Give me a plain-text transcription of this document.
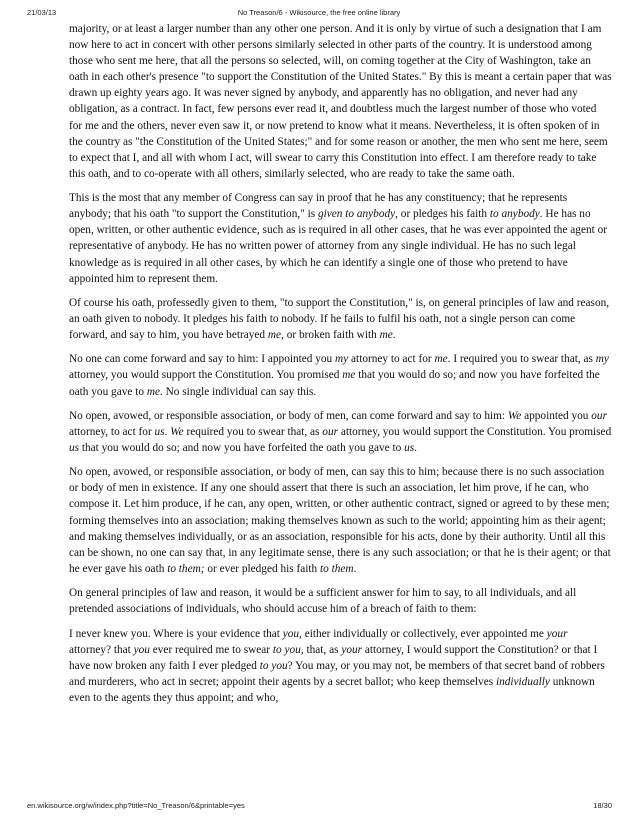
21/03/13	No Treason/6 - Wikisource, the free online library

majority, or at least a larger number than any other one person. And it is only by virtue of such a designation that I am now here to act in concert with other persons similarly selected in other parts of the country. It is understood among those who sent me here, that all the persons so selected, will, on coming together at the City of Washington, take an oath in each other's presence "to support the Constitution of the United States." By this is meant a certain paper that was drawn up eighty years ago. It was never signed by anybody, and apparently has no obligation, and never had any obligation, as a contract. In fact, few persons ever read it, and doubtless much the largest number of those who voted for me and the others, never even saw it, or now pretend to know what it means. Nevertheless, it is often spoken of in the country as "the Constitution of the United States;" and for some reason or another, the men who sent me here, seem to expect that I, and all with whom I act, will swear to carry this Constitution into effect. I am therefore ready to take this oath, and to co-operate with all others, similarly selected, who are ready to take the same oath.

This is the most that any member of Congress can say in proof that he has any constituency; that he represents anybody; that his oath "to support the Constitution," is given to anybody, or pledges his faith to anybody. He has no open, written, or other authentic evidence, such as is required in all other cases, that he was ever appointed the agent or representative of anybody. He has no written power of attorney from any single individual. He has no such legal knowledge as is required in all other cases, by which he can identify a single one of those who pretend to have appointed him to represent them.

Of course his oath, professedly given to them, "to support the Constitution," is, on general principles of law and reason, an oath given to nobody. It pledges his faith to nobody. If he fails to fulfil his oath, not a single person can come forward, and say to him, you have betrayed me, or broken faith with me.

No one can come forward and say to him: I appointed you my attorney to act for me. I required you to swear that, as my attorney, you would support the Constitution. You promised me that you would do so; and now you have forfeited the oath you gave to me. No single individual can say this.

No open, avowed, or responsible association, or body of men, can come forward and say to him: We appointed you our attorney, to act for us. We required you to swear that, as our attorney, you would support the Constitution. You promised us that you would do so; and now you have forfeited the oath you gave to us.

No open, avowed, or responsible association, or body of men, can say this to him; because there is no such association or body of men in existence. If any one should assert that there is such an association, let him prove, if he can, who compose it. Let him produce, if he can, any open, written, or other authentic contract, signed or agreed to by these men; forming themselves into an association; making themselves known as such to the world; appointing him as their agent; and making themselves individually, or as an association, responsible for his acts, done by their authority. Until all this can be shown, no one can say that, in any legitimate sense, there is any such association; or that he is their agent; or that he ever gave his oath to them; or ever pledged his faith to them.

On general principles of law and reason, it would be a sufficient answer for him to say, to all individuals, and all pretended associations of individuals, who should accuse him of a breach of faith to them:

I never knew you. Where is your evidence that you, either individually or collectively, ever appointed me your attorney? that you ever required me to swear to you, that, as your attorney, I would support the Constitution? or that I have now broken any faith I ever pledged to you? You may, or you may not, be members of that secret band of robbers and murderers, who act in secret; appoint their agents by a secret ballot; who keep themselves individually unknown even to the agents they thus appoint; and who,

en.wikisource.org/w/index.php?title=No_Treason/6&printable=yes	18/30
